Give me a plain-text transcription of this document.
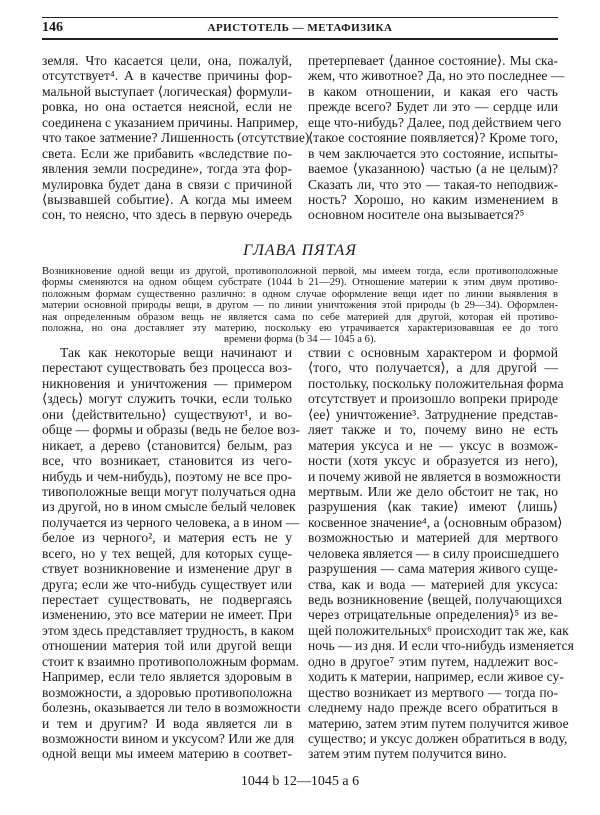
146	АРИСТОТЕЛЬ — МЕТАФИЗИКА
земля. Что касается цели, она, пожалуй,
отсутствует⁴. А в качестве причины фор-
мальной выступает ⟨логическая⟩ формули-
ровка, но она остается неясной, если не
соединена с указанием причины. Например,
что такое затмение? Лишенность (отсутствие)
света. Если же прибавить «вследствие по-
явления земли посредине», тогда эта фор-
мулировка будет дана в связи с причиной
⟨вызвавшей событие⟩. А когда мы имеем
сон, то неясно, что здесь в первую очередь
претерпевает ⟨данное состояние⟩. Мы ска-
жем, что животное? Да, но это последнее —
в каком отношении, и какая его часть
прежде всего? Будет ли это — сердце или
еще что-нибудь? Далее, под действием чего
⟨такое состояние появляется⟩? Кроме того,
в чем заключается это состояние, испыты-
ваемое ⟨указанною⟩ частью (а не целым)?
Сказать ли, что это — такая-то неподвиж-
ность? Хорошо, но каким изменением в
основном носителе она вызывается?⁵
ГЛАВА ПЯТАЯ
Возникновение одной вещи из другой, противоположной первой, мы имеем тогда, если противоположные
формы сменяются на одном общем субстрате (1044 b 21—29). Отношение материи к этим двум противо-
положным формам существенно различно: в одном случае оформление вещи идет по линии выявления в
материи основной природы вещи, в другом — по линии уничтожения этой природы (b 29—34). Оформлен-
ная определенным образом вещь не является сама по себе материей для другой, которая ей противо-
положна, но она доставляет эту материю, поскольку ею утрачивается характеризовавшая ее до того
времени форма (b 34 — 1045 a 6).
Так как некоторые вещи начинают и
перестают существовать без процесса воз-
никновения и уничтожения — примером
⟨здесь⟩ могут служить точки, если только
они ⟨действительно⟩ существуют¹, и во-
обще — формы и образы (ведь не белое воз-
никает, а дерево ⟨становится⟩ белым, раз
все, что возникает, становится из чего-
нибудь и чем-нибудь), поэтому не все про-
тивоположные вещи могут получаться одна
из другой, но в ином смысле белый человек
получается из черного человека, а в ином —
белое из черного², и материя есть не у
всего, но у тех вещей, для которых суще-
ствует возникновение и изменение друг в
друга; если же что-нибудь существует или
перестает существовать, не подвергаясь
изменению, это все материи не имеет. При
этом здесь представляет трудность, в каком
отношении материя той или другой вещи
стоит к взаимно противоположным формам.
Например, если тело является здоровым в
возможности, а здоровью противоположна
болезнь, оказывается ли тело в возможности
и тем и другим? И вода является ли в
возможности вином и уксусом? Или же для
одной вещи мы имеем материю в соответ-
ствии с основным характером и формой
⟨того, что получается⟩, а для другой —
постольку, поскольку положительная форма
отсутствует и произошло вопреки природе
⟨ее⟩ уничтожение³. Затруднение представ-
ляет также и то, почему вино не есть
материя уксуса и не — уксус в возмож-
ности (хотя уксус и образуется из него),
и почему живой не является в возможности
мертвым. Или же дело обстоит не так, но
разрушения ⟨как такие⟩ имеют ⟨лишь⟩
косвенное значение⁴, а ⟨основным образом⟩
возможностью и материей для мертвого
человека является — в силу происшедшего
разрушения — сама материя живого суще-
ства, как и вода — материей для уксуса:
ведь возникновение ⟨вещей, получающихся
через отрицательные определения⟩⁵ из ве-
щей положительных⁶ происходит так же, как
ночь — из дня. И если что-нибудь изменяется
одно в другое⁷ этим путем, надлежит вос-
ходить к материи, например, если живое су-
щество возникает из мертвого — тогда по-
следнему надо прежде всего обратиться в
материю, затем этим путем получится живое
существо; и уксус должен обратиться в воду,
затем этим путем получится вино.
1044 b 12—1045 a 6
